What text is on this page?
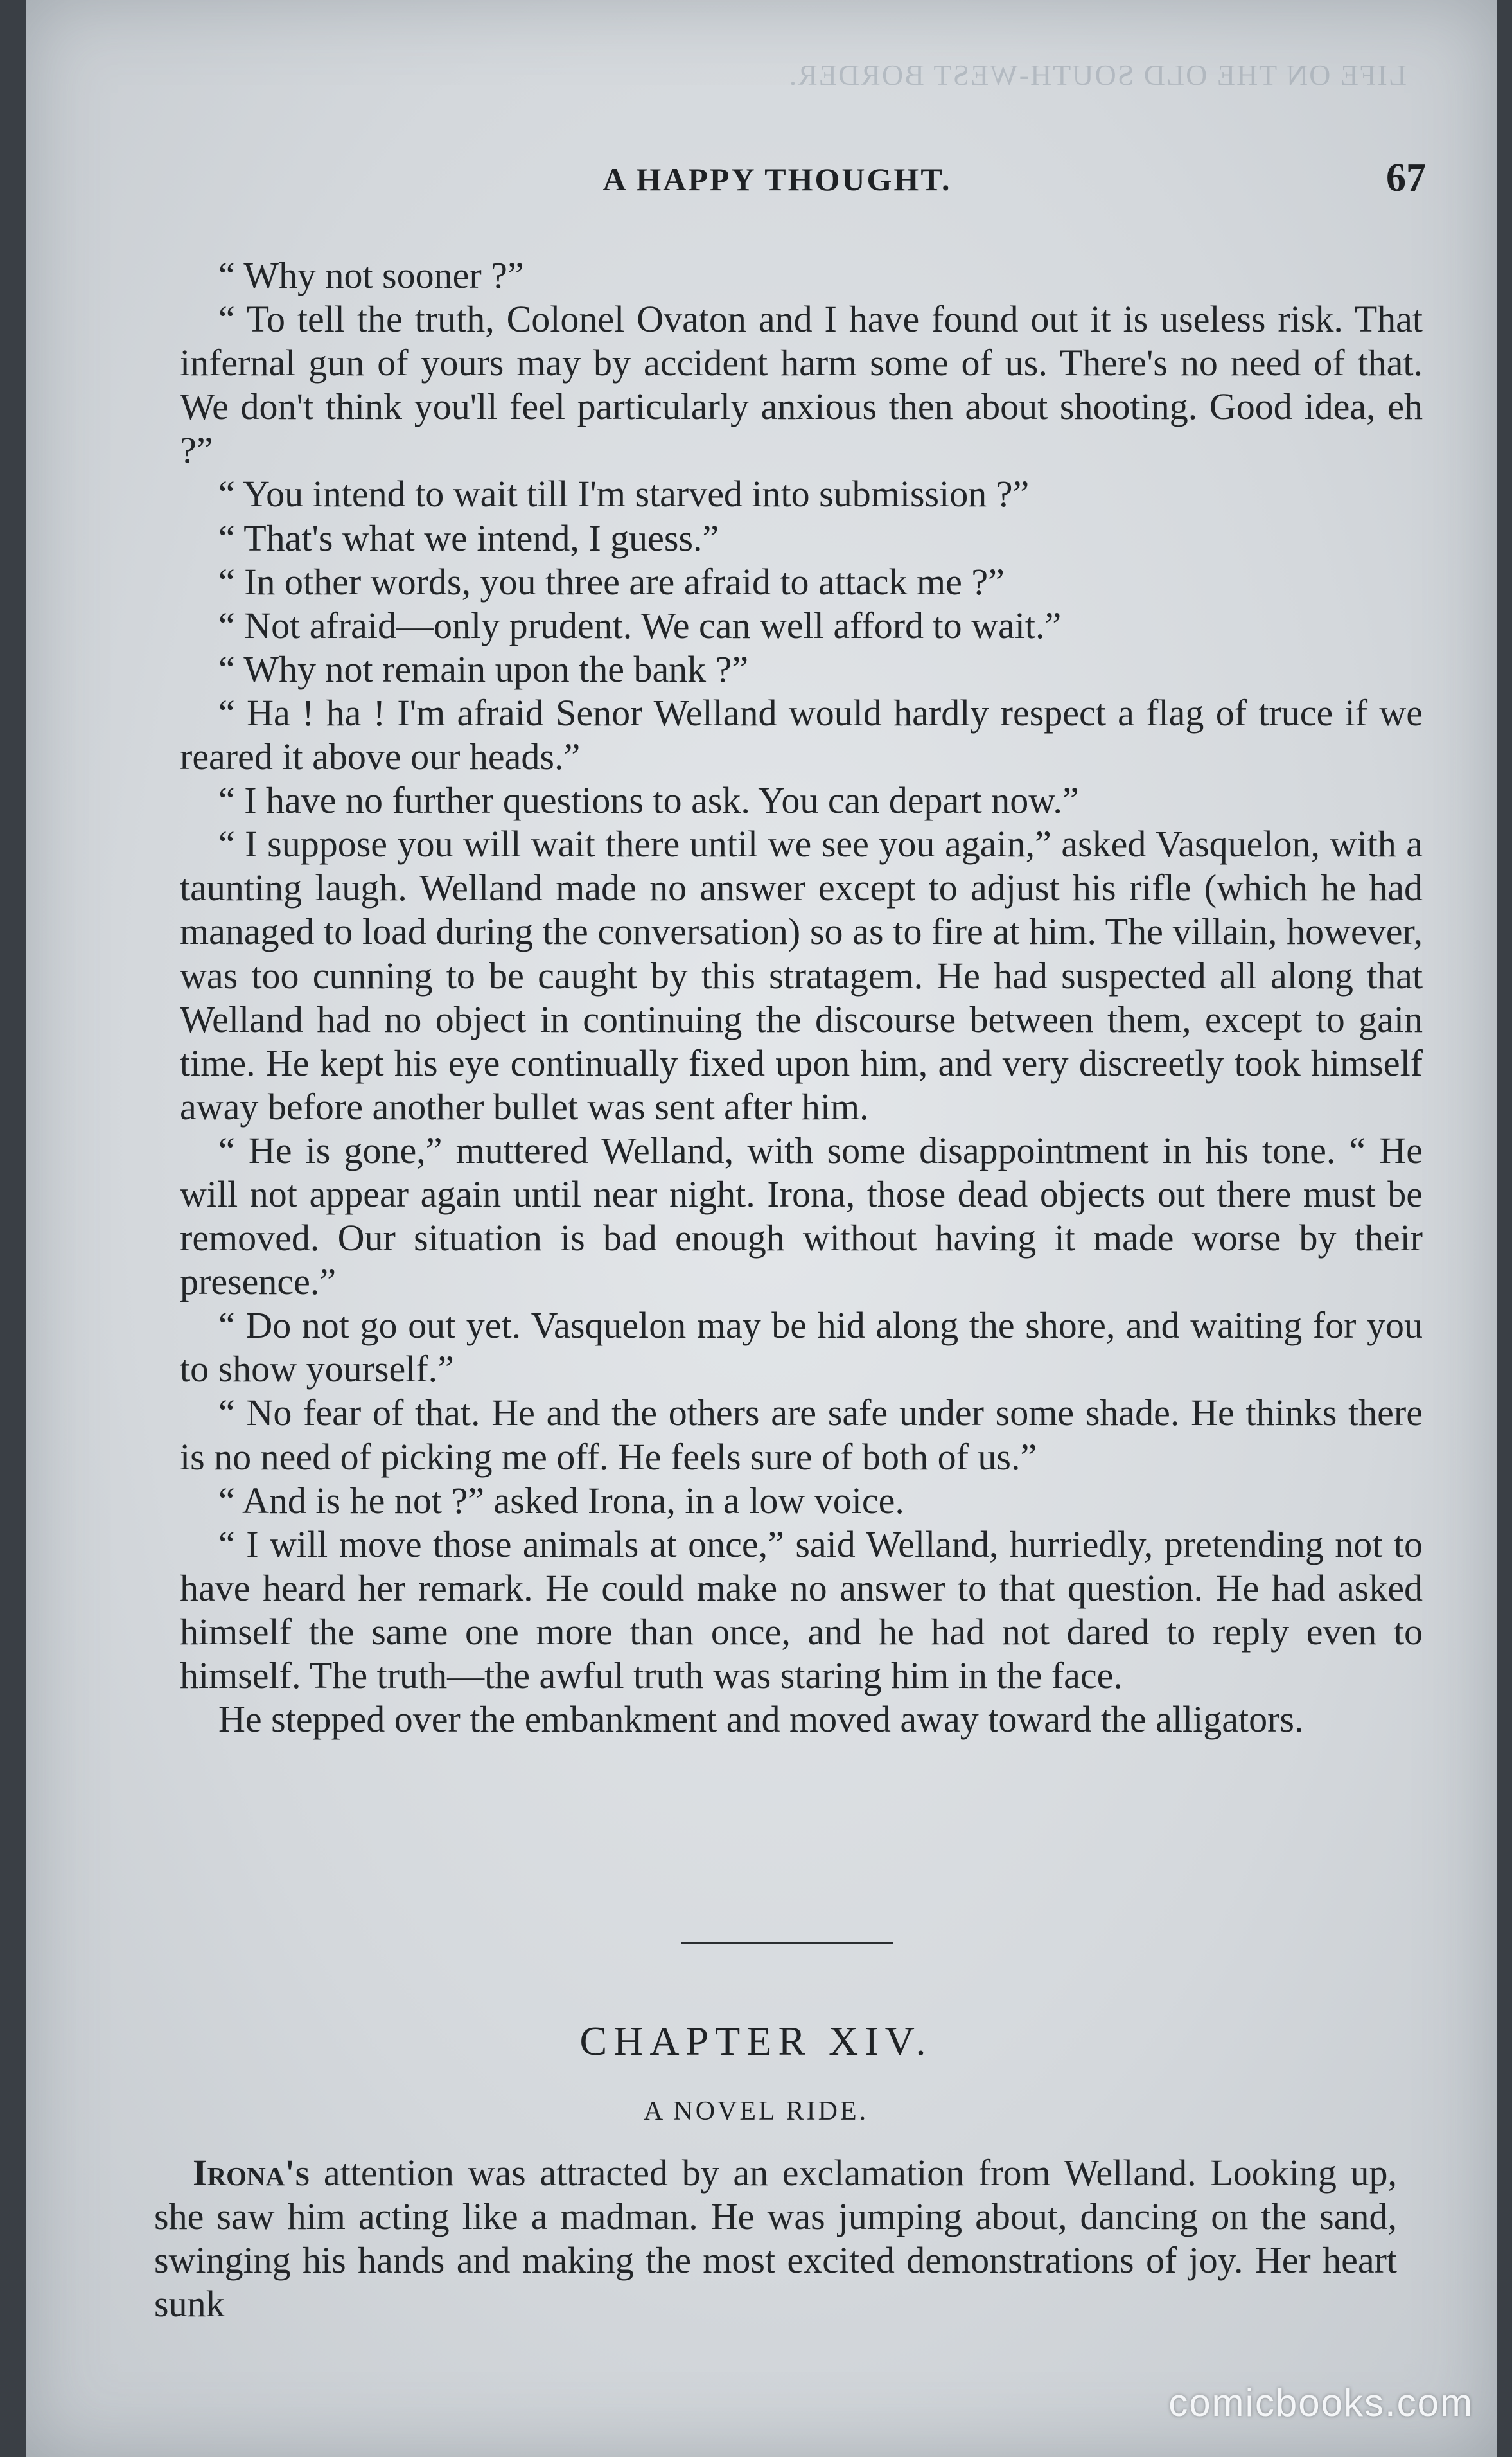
LIFE ON THE OLD SOUTH-WEST BORDER.
A HAPPY THOUGHT.	67

“ Why not sooner ?”

“ To tell the truth, Colonel Ovaton and I have found out it is useless risk. That infernal gun of yours may by accident harm some of us. There's no need of that. We don't think you'll feel particularly anxious then about shooting. Good idea, eh ?”

“ You intend to wait till I'm starved into submission ?”

“ That's what we intend, I guess.”

“ In other words, you three are afraid to attack me ?”

“ Not afraid—only prudent. We can well afford to wait.”

“ Why not remain upon the bank ?”

“ Ha ! ha ! I'm afraid Senor Welland would hardly respect a flag of truce if we reared it above our heads.”

“ I have no further questions to ask. You can depart now.”

“ I suppose you will wait there until we see you again,” asked Vasquelon, with a taunting laugh. Welland made no answer except to adjust his rifle (which he had managed to load during the conversation) so as to fire at him. The villain, however, was too cunning to be caught by this stratagem. He had suspected all along that Welland had no object in continuing the discourse between them, except to gain time. He kept his eye continually fixed upon him, and very discreetly took himself away before another bullet was sent after him.

“ He is gone,” muttered Welland, with some disappointment in his tone. “ He will not appear again until near night. Irona, those dead objects out there must be removed. Our situation is bad enough without having it made worse by their presence.”

“ Do not go out yet. Vasquelon may be hid along the shore, and waiting for you to show yourself.”

“ No fear of that. He and the others are safe under some shade. He thinks there is no need of picking me off. He feels sure of both of us.”

“ And is he not ?” asked Irona, in a low voice.

“ I will move those animals at once,” said Welland, hurriedly, pretending not to have heard her remark. He could make no answer to that question. He had asked himself the same one more than once, and he had not dared to reply even to himself. The truth—the awful truth was staring him in the face.

He stepped over the embankment and moved away toward the alligators.

CHAPTER XIV.
A NOVEL RIDE.

Irona's attention was attracted by an exclamation from Welland. Looking up, she saw him acting like a madman. He was jumping about, dancing on the sand, swinging his hands and making the most excited demonstrations of joy. Her heart sunk

comicbooks.com
